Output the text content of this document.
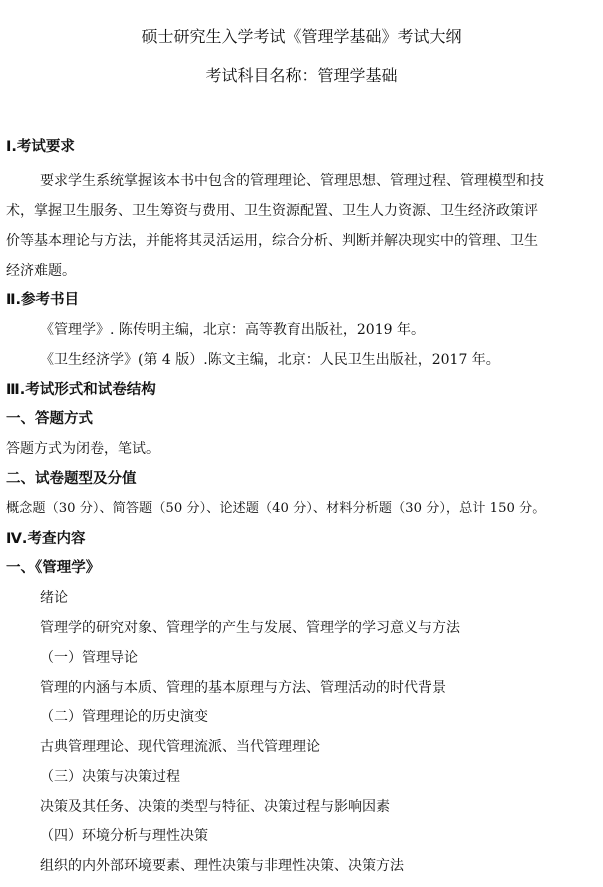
硕士研究生入学考试《管理学基础》考试大纲
考试科目名称：管理学基础
Ⅰ.考试要求
要求学生系统掌握该本书中包含的管理理论、管理思想、管理过程、管理模型和技
术，掌握卫生服务、卫生筹资与费用、卫生资源配置、卫生人力资源、卫生经济政策评
价等基本理论与方法，并能将其灵活运用，综合分析、判断并解决现实中的管理、卫生
经济难题。
Ⅱ.参考书目
《管理学》. 陈传明主编，北京：高等教育出版社，2019 年。
《卫生经济学》(第 4 版）.陈文主编，北京：人民卫生出版社，2017 年。
Ⅲ.考试形式和试卷结构
一、答题方式
答题方式为闭卷，笔试。
二、试卷题型及分值
概念题（30 分）、简答题（50 分）、论述题（40 分）、材料分析题（30 分），总计 150 分。
Ⅳ.考查内容
一、《管理学》
绪论
管理学的研究对象、管理学的产生与发展、管理学的学习意义与方法
（一）管理导论
管理的内涵与本质、管理的基本原理与方法、管理活动的时代背景
（二）管理理论的历史演变
古典管理理论、现代管理流派、当代管理理论
（三）决策与决策过程
决策及其任务、决策的类型与特征、决策过程与影响因素
（四）环境分析与理性决策
组织的内外部环境要素、理性决策与非理性决策、决策方法
